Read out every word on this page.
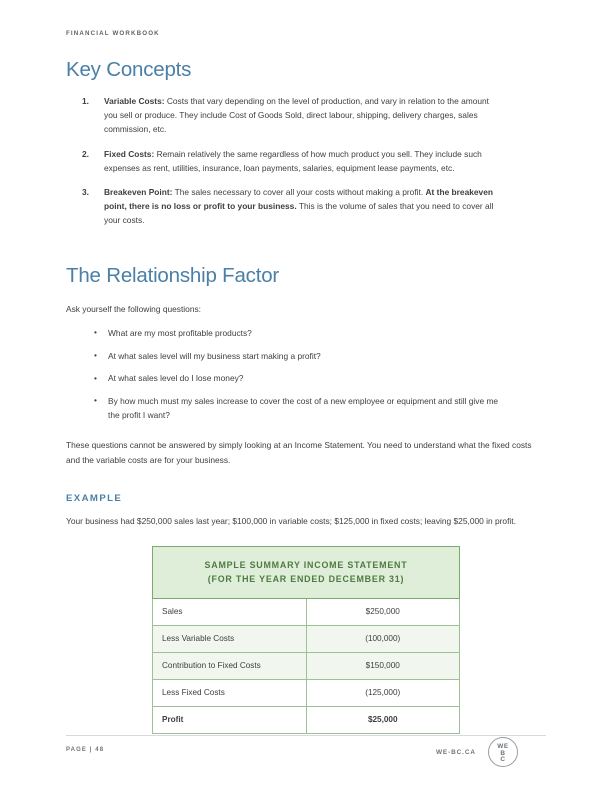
FINANCIAL WORKBOOK
Key Concepts
1. Variable Costs: Costs that vary depending on the level of production, and vary in relation to the amount you sell or produce. They include Cost of Goods Sold, direct labour, shipping, delivery charges, sales commission, etc.
2. Fixed Costs: Remain relatively the same regardless of how much product you sell. They include such expenses as rent, utilities, insurance, loan payments, salaries, equipment lease payments, etc.
3. Breakeven Point: The sales necessary to cover all your costs without making a profit. At the breakeven point, there is no loss or profit to your business. This is the volume of sales that you need to cover all your costs.
The Relationship Factor

Ask yourself the following questions:

• What are my most profitable products?
• At what sales level will my business start making a profit?
• At what sales level do I lose money?
• By how much must my sales increase to cover the cost of a new employee or equipment and still give me the profit I want?

These questions cannot be answered by simply looking at an Income Statement. You need to understand what the fixed costs and the variable costs are for your business.

EXAMPLE

Your business had $250,000 sales last year; $100,000 in variable costs; $125,000 in fixed costs; leaving $25,000 in profit.

SAMPLE SUMMARY INCOME STATEMENT
(FOR THE YEAR ENDED DECEMBER 31)	

Sales	$250,000
Less Variable Costs	(100,000)
Contribution to Fixed Costs	$150,000
Less Fixed Costs	(125,000)
Profit	$25,000
PAGE | 48	WE-BC.CA
WE
B
C
